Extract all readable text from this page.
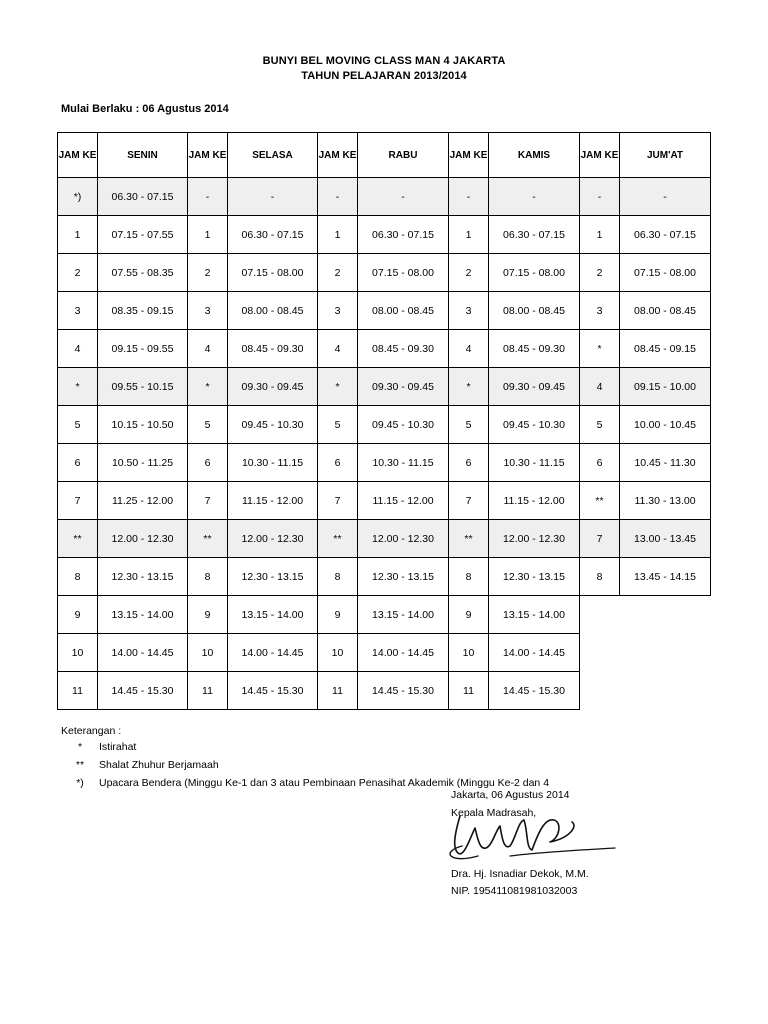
BUNYI BEL MOVING CLASS MAN 4 JAKARTA
TAHUN PELAJARAN 2013/2014
Mulai Berlaku : 06 Agustus 2014
JAM KE	SENIN	JAM KE	SELASA	JAM KE	RABU	JAM KE	KAMIS	JAM KE	JUM'AT
*)	06.30 - 07.15	-	-	-	-	-	-	-	-
1	07.15 - 07.55	1	06.30 - 07.15	1	06.30 - 07.15	1	06.30 - 07.15	1	06.30 - 07.15
2	07.55 - 08.35	2	07.15 - 08.00	2	07.15 - 08.00	2	07.15 - 08.00	2	07.15 - 08.00
3	08.35 - 09.15	3	08.00 - 08.45	3	08.00 - 08.45	3	08.00 - 08.45	3	08.00 - 08.45
4	09.15 - 09.55	4	08.45 - 09.30	4	08.45 - 09.30	4	08.45 - 09.30	*	08.45 - 09.15
*	09.55 - 10.15	*	09.30 - 09.45	*	09.30 - 09.45	*	09.30 - 09.45	4	09.15 - 10.00
5	10.15 - 10.50	5	09.45 - 10.30	5	09.45 - 10.30	5	09.45 - 10.30	5	10.00 - 10.45
6	10.50 - 11.25	6	10.30 - 11.15	6	10.30 - 11.15	6	10.30 - 11.15	6	10.45 - 11.30
7	11.25 - 12.00	7	11.15 - 12.00	7	11.15 - 12.00	7	11.15 - 12.00	**	11.30 - 13.00
**	12.00 - 12.30	**	12.00 - 12.30	**	12.00 - 12.30	**	12.00 - 12.30	7	13.00 - 13.45
8	12.30 - 13.15	8	12.30 - 13.15	8	12.30 - 13.15	8	12.30 - 13.15	8	13.45 - 14.15
9	13.15 - 14.00	9	13.15 - 14.00	9	13.15 - 14.00	9	13.15 - 14.00		
10	14.00 - 14.45	10	14.00 - 14.45	10	14.00 - 14.45	10	14.00 - 14.45		
11	14.45 - 15.30	11	14.45 - 15.30	11	14.45 - 15.30	11	14.45 - 15.30		
Keterangan :
*	Istirahat
**	Shalat Zhuhur Berjamaah
*)	Upacara Bendera (Minggu Ke-1 dan 3 atau Pembinaan Penasihat Akademik (Minggu Ke-2 dan 4
Jakarta, 06 Agustus 2014
Kepala Madrasah,
Dra. Hj. Isnadiar Dekok, M.M.
NIP. 195411081981032003
